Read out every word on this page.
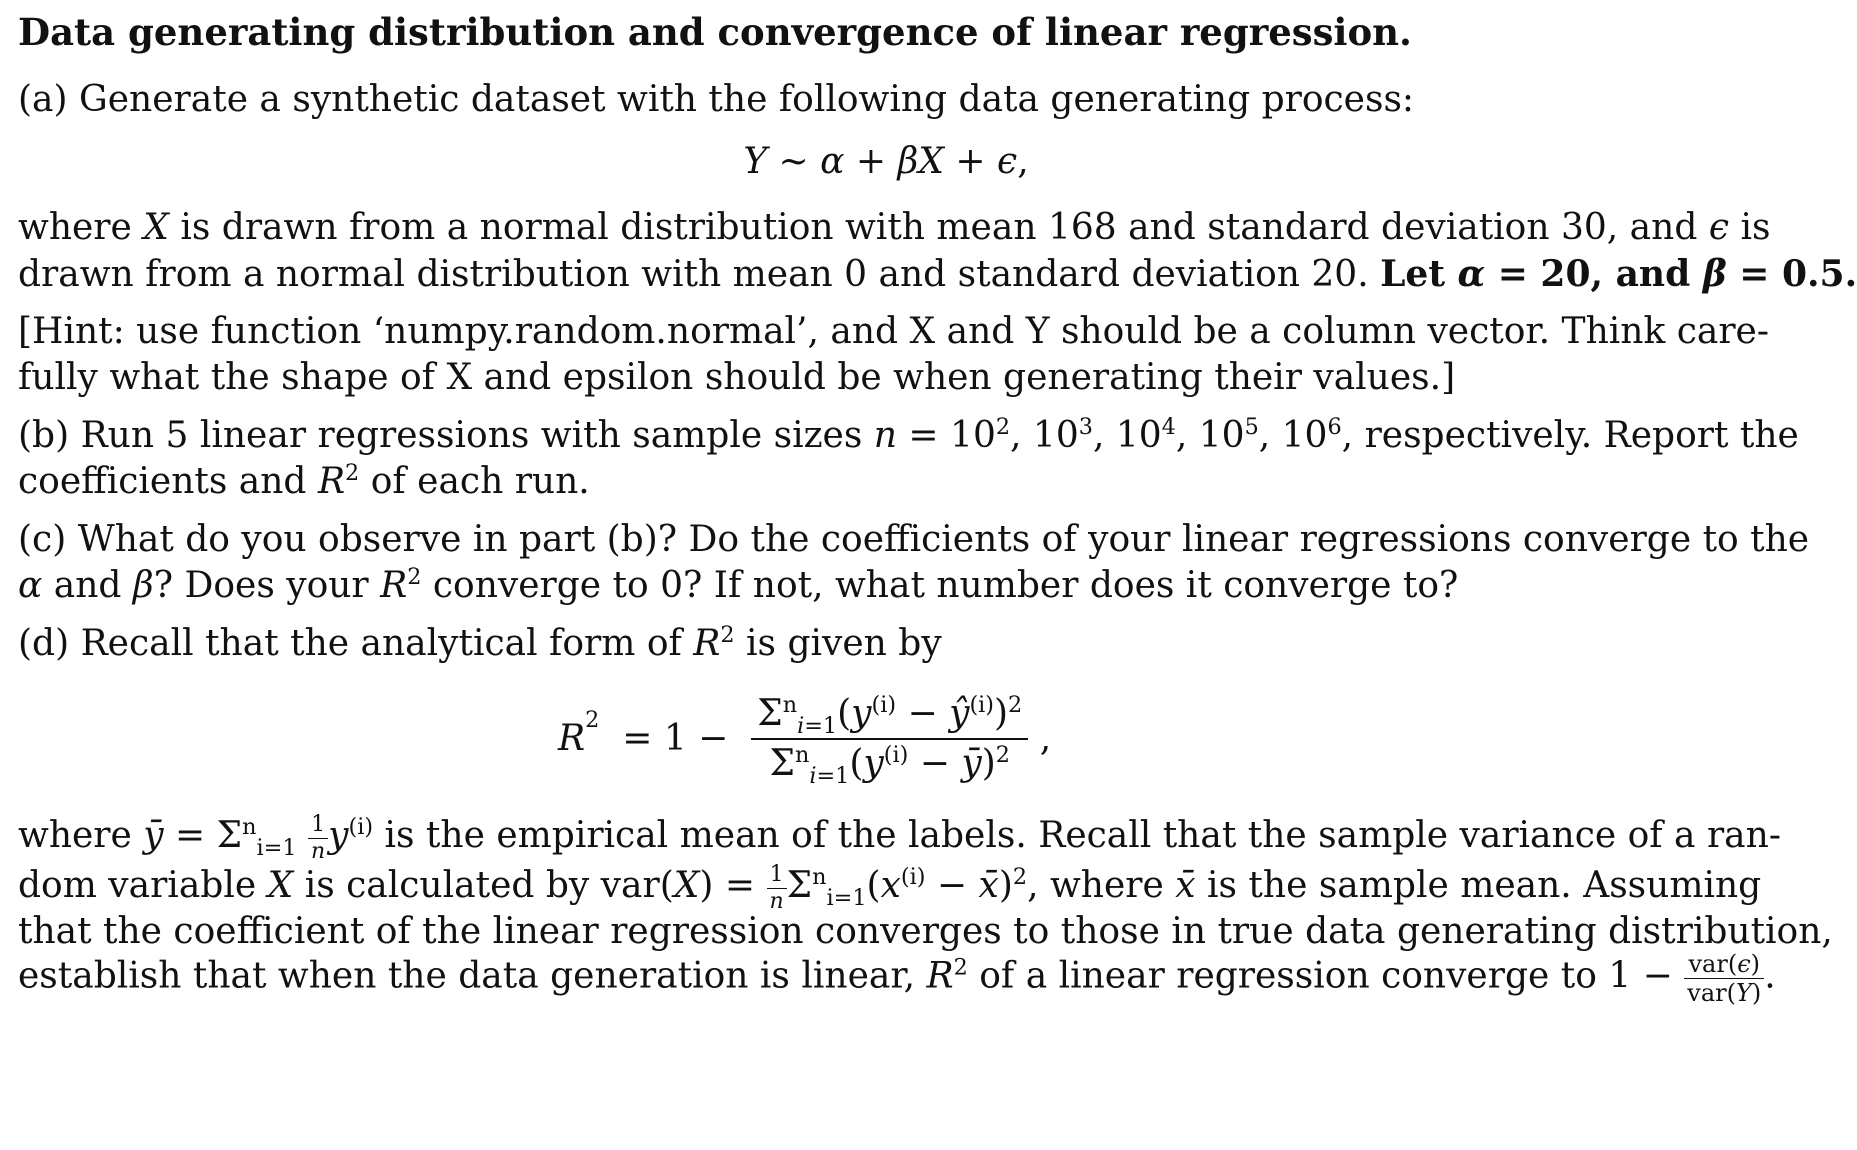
Data generating distribution and convergence of linear regression.
(a) Generate a synthetic dataset with the following data generating process:
Y ~ α + βX + ϵ,
where X is drawn from a normal distribution with mean 168 and standard deviation 30, and ϵ is
drawn from a normal distribution with mean 0 and standard deviation 20. Let α = 20, and β = 0.5.
[Hint: use function ‘numpy.random.normal’, and X and Y should be a column vector. Think care-
fully what the shape of X and epsilon should be when generating their values.]
(b) Run 5 linear regressions with sample sizes $n = 10^2$, $10^3$, $10^4$, $10^5$, $10^6$, respectively. Report the
coefficients and $R^2$ of each run.
(c) What do you observe in part (b)? Do the coefficients of your linear regressions converge to the
α and β? Does your $R^2$ converge to 0? If not, what number does it converge to?
(d) Recall that the analytical form of $R^2$ is given by
$R^2 = 1 - \frac{\Sigma^n_{i=1}(y^{(i)} - ŷ^{(i)})^2}{\Sigma^n_{i=1}(y^{(i)} - ȳ)^2}$ ,
where ȳ = $\Sigma^n_{i=1} \frac{1}{n} y^{(i)}$ is the empirical mean of the labels. Recall that the sample variance of a ran-
dom variable X is calculated by $var(X) = \frac{1}{n} \Sigma^n_{i=1}(x^{(i)}$ − x̄)$^2$, where x̄ is the sample mean. Assuming
that the coefficient of the linear regression converges to those in true data generating distribution,
establish that when the data generation is linear, $R^2$ of a linear regression converge to $1 - \frac{\text{var(ϵ)}}{\text{var(Y)}}$ .
